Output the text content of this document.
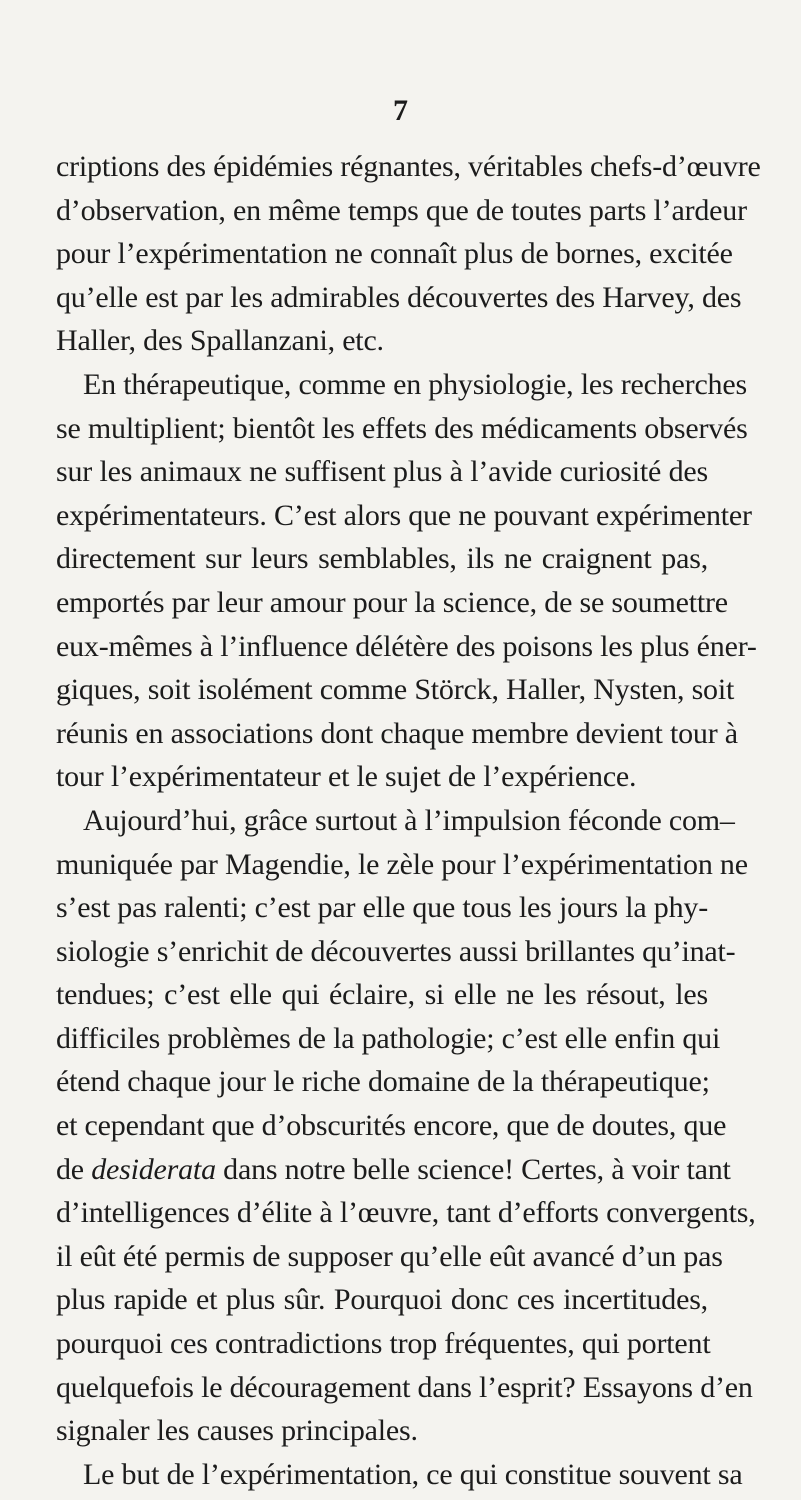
7
criptions des épidémies régnantes, véritables chefs-d’œuvre
d’observation, en même temps que de toutes parts l’ardeur
pour l’expérimentation ne connaît plus de bornes, excitée
qu’elle est par les admirables découvertes des Harvey, des
Haller, des Spallanzani, etc.
En thérapeutique, comme en physiologie, les recherches
se multiplient; bientôt les effets des médicaments observés
sur les animaux ne suffisent plus à l’avide curiosité des
expérimentateurs. C’est alors que ne pouvant expérimenter
directement sur leurs semblables, ils ne craignent pas,
emportés par leur amour pour la science, de se soumettre
eux-mêmes à l’influence délétère des poisons les plus éner-
giques, soit isolément comme Störck, Haller, Nysten, soit
réunis en associations dont chaque membre devient tour à
tour l’expérimentateur et le sujet de l’expérience.
Aujourd’hui, grâce surtout à l’impulsion féconde com–
muniquée par Magendie, le zèle pour l’expérimentation ne
s’est pas ralenti; c’est par elle que tous les jours la phy-
siologie s’enrichit de découvertes aussi brillantes qu’inat-
tendues; c’est elle qui éclaire, si elle ne les résout, les
difficiles problèmes de la pathologie; c’est elle enfin qui
étend chaque jour le riche domaine de la thérapeutique;
et cependant que d’obscurités encore, que de doutes, que
de desiderata dans notre belle science! Certes, à voir tant
d’intelligences d’élite à l’œuvre, tant d’efforts convergents,
il eût été permis de supposer qu’elle eût avancé d’un pas
plus rapide et plus sûr. Pourquoi donc ces incertitudes,
pourquoi ces contradictions trop fréquentes, qui portent
quelquefois le découragement dans l’esprit? Essayons d’en
signaler les causes principales.
Le but de l’expérimentation, ce qui constitue souvent sa
